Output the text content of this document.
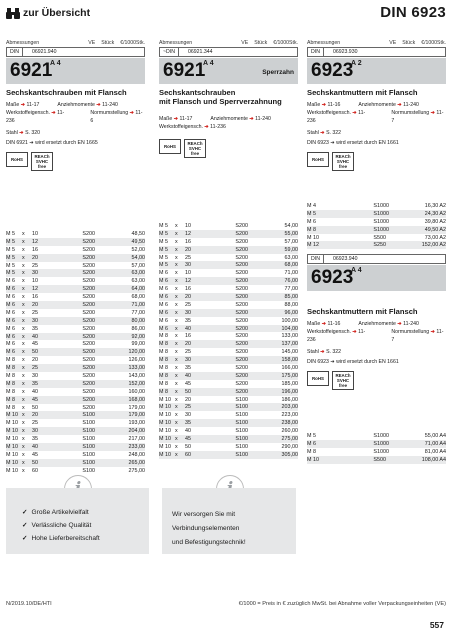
zur Übersicht	DIN 6923
Abmessungen	VE Stück €/1000Stk.
DIN	06921.940
6921
A 4
Sechskantschrauben mit Flansch
Maße ➔ 11-17	Anziehmomente ➔ 11-240
Werkstoffeigensch. ➔ 11-236
Normumstellung ➔ 11-6
Stahl ➔ S. 320
DIN 6921 ➔ wird ersetzt durch EN 1665
RoHS
REACh SVHC free
Abmessungen	VE Stück €/1000Stk.
~DIN	06921.344
6921
A 4
Sperrzahn
Sechskantschrauben
mit Flansch und Sperrverzahnung
Maße ➔ 11-17	Anziehmomente ➔ 11-240
Werkstoffeigensch. ➔ 11-236
RoHS
REACh SVHC free
Abmessungen	VE Stück €/1000Stk.
DIN	06923.930
6923
A 2
Sechskantmuttern mit Flansch
Maße ➔ 11-16	Anziehmomente ➔ 11-240
Werkstoffeigensch. ➔ 11-236
Normumstellung ➔ 11-7
Stahl ➔ S. 322
DIN 6923 ➔ wird ersetzt durch EN 1661
RoHS
REACh SVHC free
DIN	06923.940
6923
A 4
Sechskantmuttern mit Flansch
Maße ➔ 11-16	Anziehmomente ➔ 11-240
Werkstoffeigensch. ➔ 11-236
Normumstellung ➔ 11-7
Stahl ➔ S. 322
DIN 6923 ➔ wird ersetzt durch EN 1661
RoHS
REACh SVHC free
M 5	x	10	S	200	48,50
M 5	x	12	S	200	49,50
M 5	x	16	S	200	52,00
M 5	x	20	S	200	54,00
M 5	x	25	S	200	57,00
M 5	x	30	S	200	63,00
M 6	x	10	S	200	63,00
M 6	x	12	S	200	64,00
M 6	x	16	S	200	68,00
M 6	x	20	S	200	71,00
M 6	x	25	S	200	77,00
M 6	x	30	S	200	80,00
M 6	x	35	S	200	86,00
M 6	x	40	S	200	92,00
M 6	x	45	S	200	99,00
M 6	x	50	S	200	120,00
M 8	x	20	S	200	126,00
M 8	x	25	S	200	133,00
M 8	x	30	S	200	143,00
M 8	x	35	S	200	152,00
M 8	x	40	S	200	160,00
M 8	x	45	S	200	168,00
M 8	x	50	S	200	179,00
M 10	x	20	S	100	179,00
M 10	x	25	S	100	193,00
M 10	x	30	S	100	204,00
M 10	x	35	S	100	217,00
M 10	x	40	S	100	233,00
M 10	x	45	S	100	248,00
M 10	x	50	S	100	265,00
M 10	x	60	S	100	275,00
M 5	x	10	S	200	54,00
M 5	x	12	S	200	55,00
M 5	x	16	S	200	57,00
M 5	x	20	S	200	59,00
M 5	x	25	S	200	63,00
M 5	x	30	S	200	68,00
M 6	x	10	S	200	71,00
M 6	x	12	S	200	76,00
M 6	x	16	S	200	77,00
M 6	x	20	S	200	85,00
M 6	x	25	S	200	88,00
M 6	x	30	S	200	96,00
M 6	x	35	S	200	100,00
M 6	x	40	S	200	104,00
M 8	x	16	S	200	133,00
M 8	x	20	S	200	137,00
M 8	x	25	S	200	145,00
M 8	x	30	S	200	158,00
M 8	x	35	S	200	166,00
M 8	x	40	S	200	175,00
M 8	x	45	S	200	185,00
M 8	x	50	S	200	196,00
M 10	x	20	S	100	186,00
M 10	x	25	S	100	203,00
M 10	x	30	S	100	223,00
M 10	x	35	S	100	238,00
M 10	x	40	S	100	260,00
M 10	x	45	S	100	275,00
M 10	x	50	S	100	290,00
M 10	x	60	S	100	305,00
M 4	S	1000	16,30 A2
M 5	S	1000	24,30 A2
M 6	S	1000	39,80 A2
M 8	S	1000	49,50 A2
M 10	S	500	73,00 A2
M 12	S	250	152,00 A2
M 5	S	1000	55,00 A4
M 6	S	1000	71,00 A4
M 8	S	1000	81,00 A4
M 10	S	500	108,00 A4
✓ Große Artikelvielfalt
✓ Verlässliche Qualität
✓ Hohe Lieferbereitschaft
Wir versorgen Sie mit
Verbindungselementen
und Befestigungstechnik!
N/2019.10/DE/HTI	€/1000 = Preis in € zuzüglich MwSt. bei Abnahme voller Verpackungseinheiten (VE)
557
